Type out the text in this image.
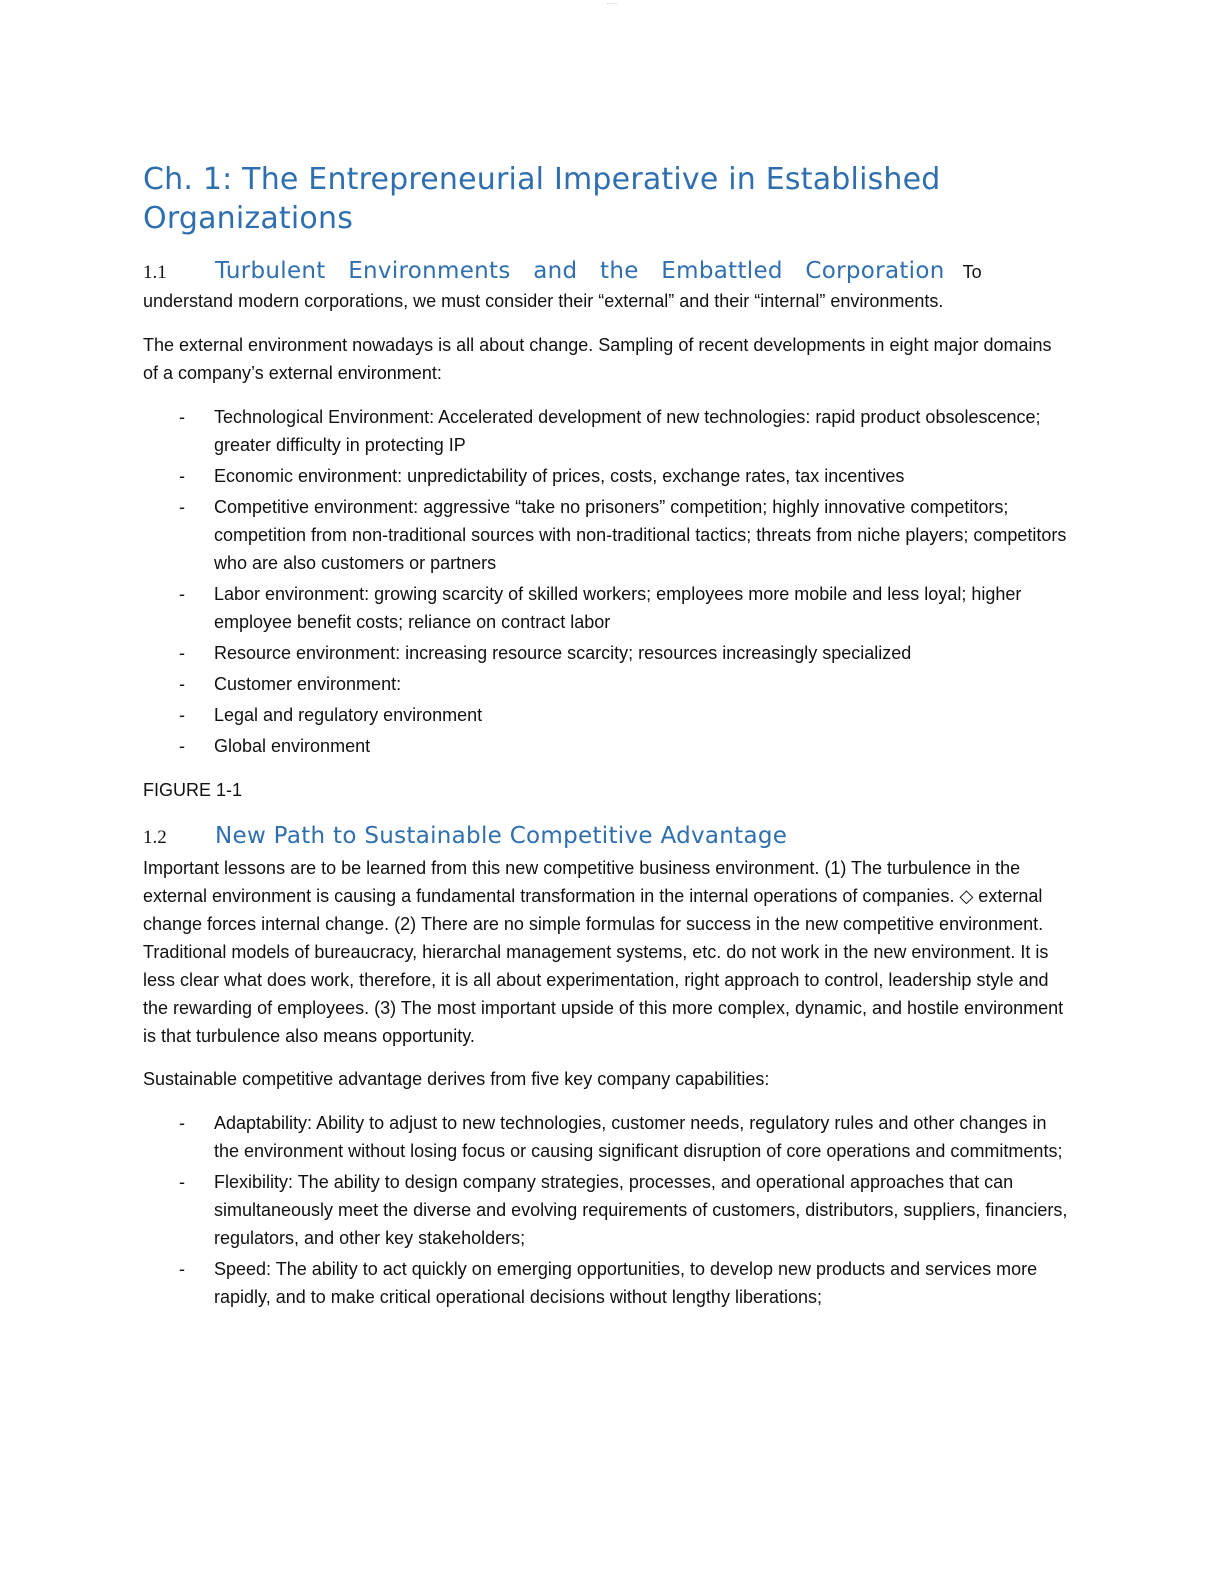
-----
Ch. 1: The Entrepreneurial Imperative in Established Organizations
1.1 Turbulent Environments and the Embattled Corporation To understand modern corporations, we must consider their “external” and their “internal” environments.

The external environment nowadays is all about change. Sampling of recent developments in eight major domains of a company’s external environment:

- Technological Environment: Accelerated development of new technologies: rapid product obsolescence; greater difficulty in protecting IP
- Economic environment: unpredictability of prices, costs, exchange rates, tax incentives
- Competitive environment: aggressive “take no prisoners” competition; highly innovative competitors; competition from non-traditional sources with non-traditional tactics; threats from niche players; competitors who are also customers or partners
- Labor environment: growing scarcity of skilled workers; employees more mobile and less loyal; higher employee benefit costs; reliance on contract labor
- Resource environment: increasing resource scarcity; resources increasingly specialized
- Customer environment:
- Legal and regulatory environment
- Global environment

FIGURE 1-1

1.2 New Path to Sustainable Competitive Advantage

Important lessons are to be learned from this new competitive business environment. (1) The turbulence in the external environment is causing a fundamental transformation in the internal operations of companies. ◇ external change forces internal change. (2) There are no simple formulas for success in the new competitive environment. Traditional models of bureaucracy, hierarchal management systems, etc. do not work in the new environment. It is less clear what does work, therefore, it is all about experimentation, right approach to control, leadership style and the rewarding of employees. (3) The most important upside of this more complex, dynamic, and hostile environment is that turbulence also means opportunity.

Sustainable competitive advantage derives from five key company capabilities:

- Adaptability: Ability to adjust to new technologies, customer needs, regulatory rules and other changes in the environment without losing focus or causing significant disruption of core operations and commitments;
- Flexibility: The ability to design company strategies, processes, and operational approaches that can simultaneously meet the diverse and evolving requirements of customers, distributors, suppliers, financiers, regulators, and other key stakeholders;
- Speed: The ability to act quickly on emerging opportunities, to develop new products and services more rapidly, and to make critical operational decisions without lengthy liberations;
